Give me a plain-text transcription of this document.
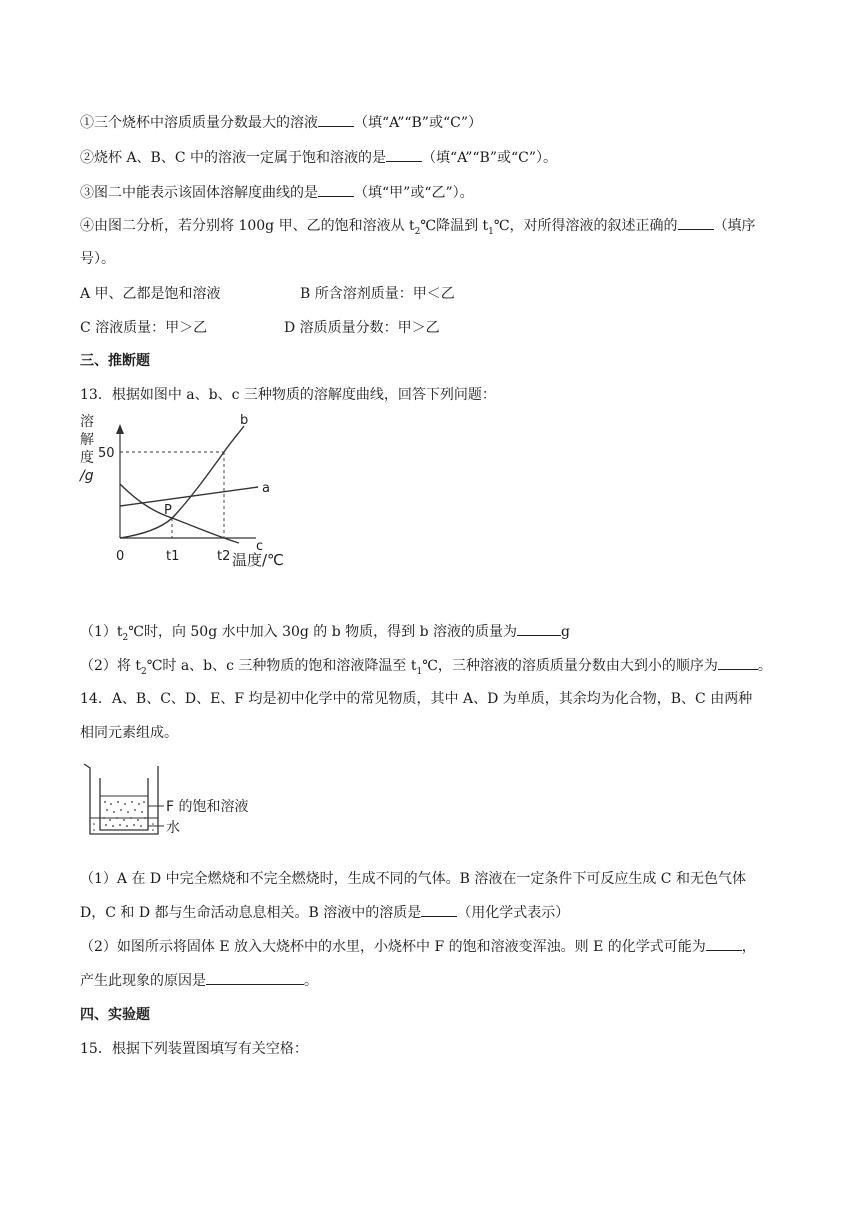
①三个烧杯中溶质质量分数最大的溶液	（填“A”“B”或“C”）
②烧杯 A、B、C 中的溶液一定属于饱和溶液的是	（填“A”“B”或“C”）。
③图二中能表示该固体溶解度曲线的是	（填“甲”或“乙”）。
④由图二分析，若分别将 100g 甲、乙的饱和溶液从 $t_2℃$降温到 $t_1℃$，对所得溶液的叙述正确的	（填序
号）。
A 甲、乙都是饱和溶液	B 所含溶剂质量：甲＜乙
C 溶液质量：甲＞乙	D 溶质质量分数：甲＞乙
三、推断题
13．根据如图中 a、b、c 三种物质的溶解度曲线，回答下列问题：
溶
解
度
/g
50
0	t1	t2 温度/℃
P
a
b
c
$(1)t_2℃$时，向 50g 水中加入 30g 的 b 物质，得到 b 溶液的质量为	g
（2）将 $t_2℃$时 a、b、c 三种物质的饱和溶液降温至 $t_1℃$，三种溶液的溶质质量分数由大到小的顺序为	。
14．A、B、C、D、E、F 均是初中化学中的常见物质，其中 A、D 为单质，其余均为化合物，B、C 由两种
相同元素组成。
F 的饱和溶液
水
（1）A 在 D 中完全燃烧和不完全燃烧时，生成不同的气体。B 溶液在一定条件下可反应生成 C 和无色气体
D，C 和 D 都与生命活动息息相关。B 溶液中的溶质是	（用化学式表示）
（2）如图所示将固体 E 放入大烧杯中的水里，小烧杯中 F 的饱和溶液变浑浊。则 E 的化学式可能为	，
产生此现象的原因是	。
四、实验题
15．根据下列装置图填写有关空格：
